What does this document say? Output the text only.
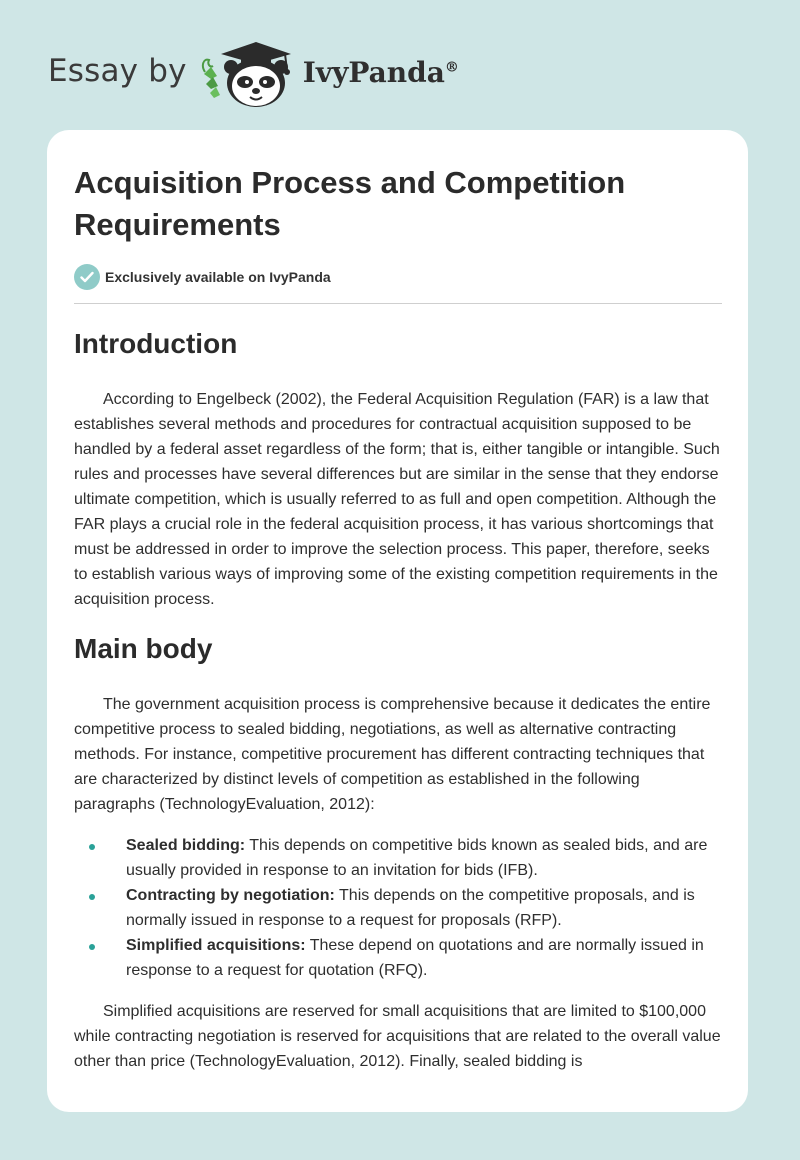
Essay by	IvyPanda®
Acquisition Process and Competition Requirements
Exclusively available on IvyPanda
Introduction

According to Engelbeck (2002), the Federal Acquisition Regulation (FAR) is a law that establishes several methods and procedures for contractual acquisition supposed to be handled by a federal asset regardless of the form; that is, either tangible or intangible. Such rules and processes have several differences but are similar in the sense that they endorse ultimate competition, which is usually referred to as full and open competition. Although the FAR plays a crucial role in the federal acquisition process, it has various shortcomings that must be addressed in order to improve the selection process. This paper, therefore, seeks to establish various ways of improving some of the existing competition requirements in the acquisition process.

Main body

The government acquisition process is comprehensive because it dedicates the entire competitive process to sealed bidding, negotiations, as well as alternative contracting methods. For instance, competitive procurement has different contracting techniques that are characterized by distinct levels of competition as established in the following paragraphs (TechnologyEvaluation, 2012):

Sealed bidding: This depends on competitive bids known as sealed bids, and are usually provided in response to an invitation for bids (IFB).
Contracting by negotiation: This depends on the competitive proposals, and is normally issued in response to a request for proposals (RFP).
Simplified acquisitions: These depend on quotations and are normally issued in response to a request for quotation (RFQ).

Simplified acquisitions are reserved for small acquisitions that are limited to $100,000 while contracting negotiation is reserved for acquisitions that are related to the overall value other than price (TechnologyEvaluation, 2012). Finally, sealed bidding is
